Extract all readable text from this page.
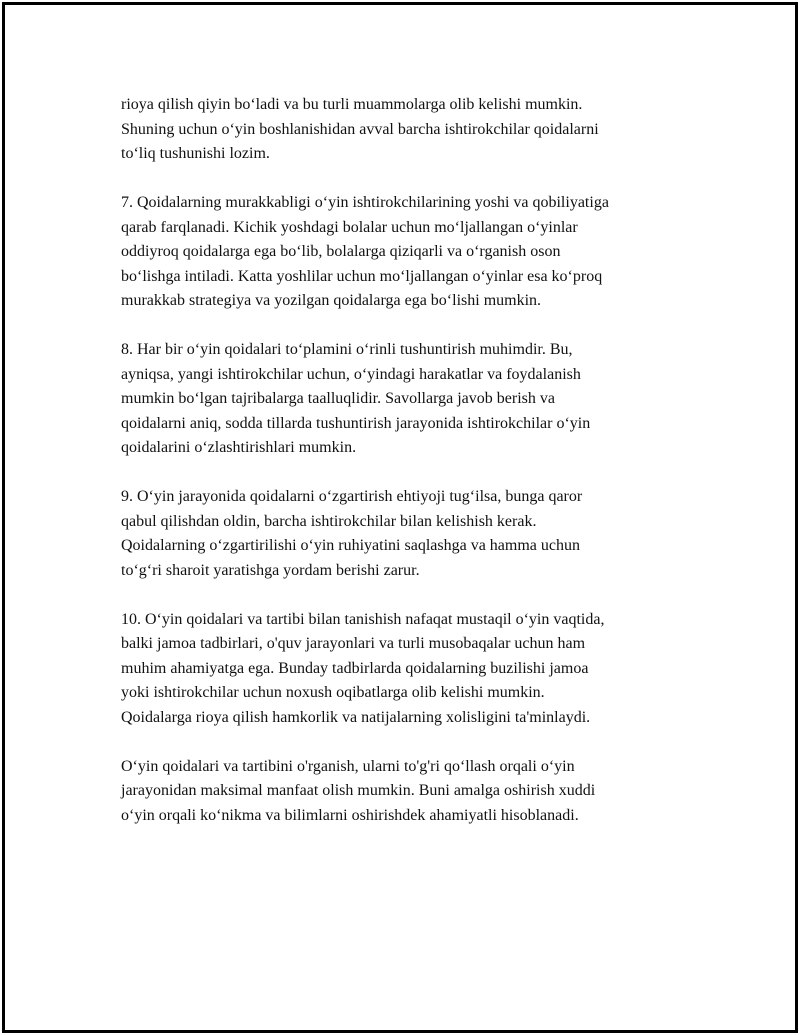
rioya qilish qiyin bo‘ladi va bu turli muammolarga olib kelishi mumkin.
Shuning uchun o‘yin boshlanishidan avval barcha ishtirokchilar qoidalarni
to‘liq tushunishi lozim.

7. Qoidalarning murakkabligi o‘yin ishtirokchilarining yoshi va qobiliyatiga
qarab farqlanadi. Kichik yoshdagi bolalar uchun mo‘ljallangan o‘yinlar
oddiyroq qoidalarga ega bo‘lib, bolalarga qiziqarli va o‘rganish oson
bo‘lishga intiladi. Katta yoshlilar uchun mo‘ljallangan o‘yinlar esa ko‘proq
murakkab strategiya va yozilgan qoidalarga ega bo‘lishi mumkin.

8. Har bir o‘yin qoidalari to‘plamini o‘rinli tushuntirish muhimdir. Bu,
ayniqsa, yangi ishtirokchilar uchun, o‘yindagi harakatlar va foydalanish
mumkin bo‘lgan tajribalarga taalluqlidir. Savollarga javob berish va
qoidalarni aniq, sodda tillarda tushuntirish jarayonida ishtirokchilar o‘yin
qoidalarini o‘zlashtirishlari mumkin.

9. O‘yin jarayonida qoidalarni o‘zgartirish ehtiyoji tug‘ilsa, bunga qaror
qabul qilishdan oldin, barcha ishtirokchilar bilan kelishish kerak.
Qoidalarning o‘zgartirilishi o‘yin ruhiyatini saqlashga va hamma uchun
to‘g‘ri sharoit yaratishga yordam berishi zarur.

10. O‘yin qoidalari va tartibi bilan tanishish nafaqat mustaqil o‘yin vaqtida,
balki jamoa tadbirlari, o'quv jarayonlari va turli musobaqalar uchun ham
muhim ahamiyatga ega. Bunday tadbirlarda qoidalarning buzilishi jamoa
yoki ishtirokchilar uchun noxush oqibatlarga olib kelishi mumkin.
Qoidalarga rioya qilish hamkorlik va natijalarning xolisligini ta'minlaydi.

O‘yin qoidalari va tartibini o'rganish, ularni to'g'ri qo‘llash orqali o‘yin
jarayonidan maksimal manfaat olish mumkin. Buni amalga oshirish xuddi
o‘yin orqali ko‘nikma va bilimlarni oshirishdek ahamiyatli hisoblanadi.
